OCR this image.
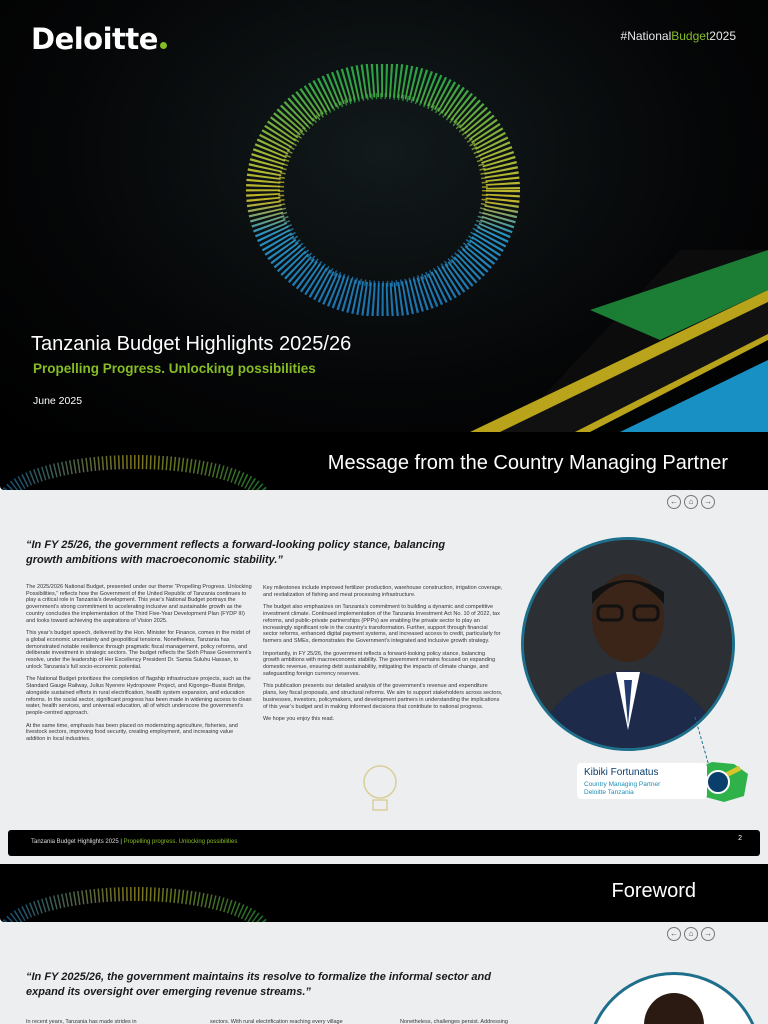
Deloitte	#NationalBudget2025
Tanzania Budget Highlights 2025/26
Propelling Progress. Unlocking possibilities
June 2025
Message from the Country Managing Partner
←	⌂	→
“In FY 25/26, the government reflects a forward-looking policy stance, balancing growth ambitions with macroeconomic stability.”

The 2025/2026 National Budget, presented under our theme “Propelling Progress. Unlocking Possibilities,” reflects how the Government of the United Republic of Tanzania continues to play a critical role in Tanzania’s development. This year’s National Budget portrays the government’s strong commitment to accelerating inclusive and sustainable growth as the country concludes the implementation of the Third Five-Year Development Plan (FYDP III) and looks toward achieving the aspirations of Vision 2025.

This year’s budget speech, delivered by the Hon. Minister for Finance, comes in the midst of a global economic uncertainty and geopolitical tensions. Nonetheless, Tanzania has demonstrated notable resilience through pragmatic fiscal management, policy reforms, and deliberate investment in strategic sectors. The budget reflects the Sixth Phase Government’s resolve, under the leadership of Her Excellency President Dr. Samia Suluhu Hassan, to unlock Tanzania’s full socio-economic potential.

The National Budget prioritizes the completion of flagship infrastructure projects, such as the Standard Gauge Railway, Julius Nyerere Hydropower Project, and Kigongo–Busisi Bridge, alongside sustained efforts in rural electrification, health system expansion, and education reforms. In the social sector, significant progress has been made in widening access to clean water, health services, and universal education, all of which underscore the government’s people-centred approach.

At the same time, emphasis has been placed on modernizing agriculture, fisheries, and livestock sectors, improving food security, creating employment, and increasing value addition in local industries.

Key milestones include improved fertilizer production, warehouse construction, irrigation coverage, and revitalization of fishing and meat processing infrastructure.

The budget also emphasizes on Tanzania’s commitment to building a dynamic and competitive investment climate. Continued implementation of the Tanzania Investment Act No. 10 of 2022, tax reforms, and public-private partnerships (PPPs) are enabling the private sector to play an increasingly significant role in the country’s transformation. Further, support through financial sector reforms, enhanced digital payment systems, and increased access to credit, particularly for farmers and SMEs, demonstrates the Government’s integrated and inclusive growth strategy.

Importantly, in FY 25/26, the government reflects a forward-looking policy stance, balancing growth ambitions with macroeconomic stability. The government remains focused on expanding domestic revenue, ensuring debt sustainability, mitigating the impacts of climate change, and safeguarding foreign currency reserves.

This publication presents our detailed analysis of the government’s revenue and expenditure plans, key fiscal proposals, and structural reforms. We aim to support stakeholders across sectors, businesses, investors, policymakers, and development partners in understanding the implications of this year’s budget and in making informed decisions that contribute to national progress.

We hope you enjoy this read.

Kibiki Fortunatus
Country Managing Partner
Deloitte Tanzania
Tanzania Budget Highlights 2025 | Propelling progress. Unlocking possibilities	2
Foreword
←	⌂	→
“In FY 2025/26, the government maintains its resolve to formalize the informal sector and expand its oversight over emerging revenue streams.”
In recent years, Tanzania has made strides in	sectors. With rural electrification reaching every village	Nonetheless, challenges persist. Addressing
